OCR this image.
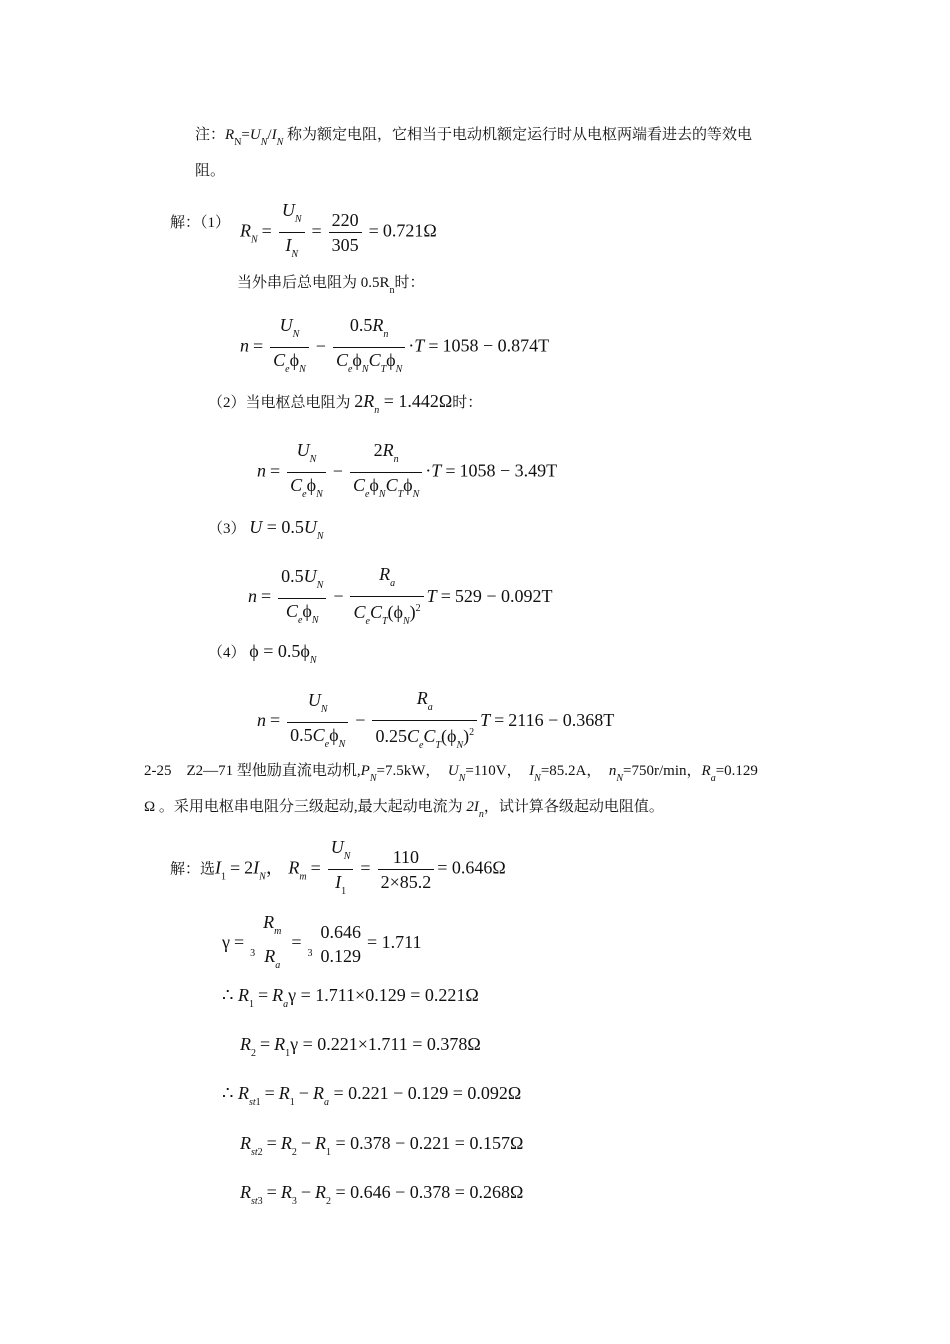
注：$R_N=U_N/I_N$ 称为额定电阻，它相当于电动机额定运行时从电枢两端看进去的等效电
阻。
解：（1） $R_N = \frac{U_N}{I_N} = \frac{220}{305} = 0.721\Omega$
当外串后总电阻为 $0.5R_n$时：
$n = \frac{U_N}{C_e\phi_N} - \frac{0.5R_n}{C_e\phi_NC_T\phi_N} \cdot T = 1058 - 0.874T$
（2）当电枢总电阻为 $2R_n = 1.442\Omega$时：
$n = \frac{U_N}{C_e\phi_N} - \frac{2R_n}{C_e\phi_NC_T\phi_N} \cdot T = 1058 - 3.49T$
（3） $U = 0.5U_N$
$n = \frac{0.5U_N}{C_e\phi_N} - \frac{R_a}{C_eC_T(\phi_N)^2}$ T = 529 − 0.092T
（4） $\phi = 0.5\phi_N$
$n = \frac{U_N}{0.5C_e\phi_N} - \frac{R_a}{0.25C_eC_T(\phi_N)^2}$ T = 2116 − 0.368T
2-25 Z2—71 型他励直流电动机$,P_N=7.5kW$， $U_N=110V$， $I_N=85.2A$， $n_N=750r/\min$，$R_a=0.129$
Ω 。采用电枢串电阻分三级起动,最大起动电流为 $2I_n$，试计算各级起动电阻值。
解：选$I_1 = 2I_N$， $R_m = \frac{U_N}{I_1} = \frac{110}{2\times 85.2} = 0.646\Omega$
$\gamma =_3$
$R_m$
$R_a$
$=_3$
0.646
0.129
= 1.711
∴ $R_1 = R_a\gamma = 1.711\times 0.129 = 0.221\Omega$
$R_2 = R_1\gamma = 0.221\times 1.711 = 0.378\Omega$
∴ $R_{st1} = R_1 - R_a = 0.221 - 0.129 = 0.092\Omega$
$R_{st2} = R_2 - R_1 = 0.378 - 0.221 = 0.157\Omega$
$R_{st3} = R_3 - R_2 = 0.646 - 0.378 = 0.268\Omega$
